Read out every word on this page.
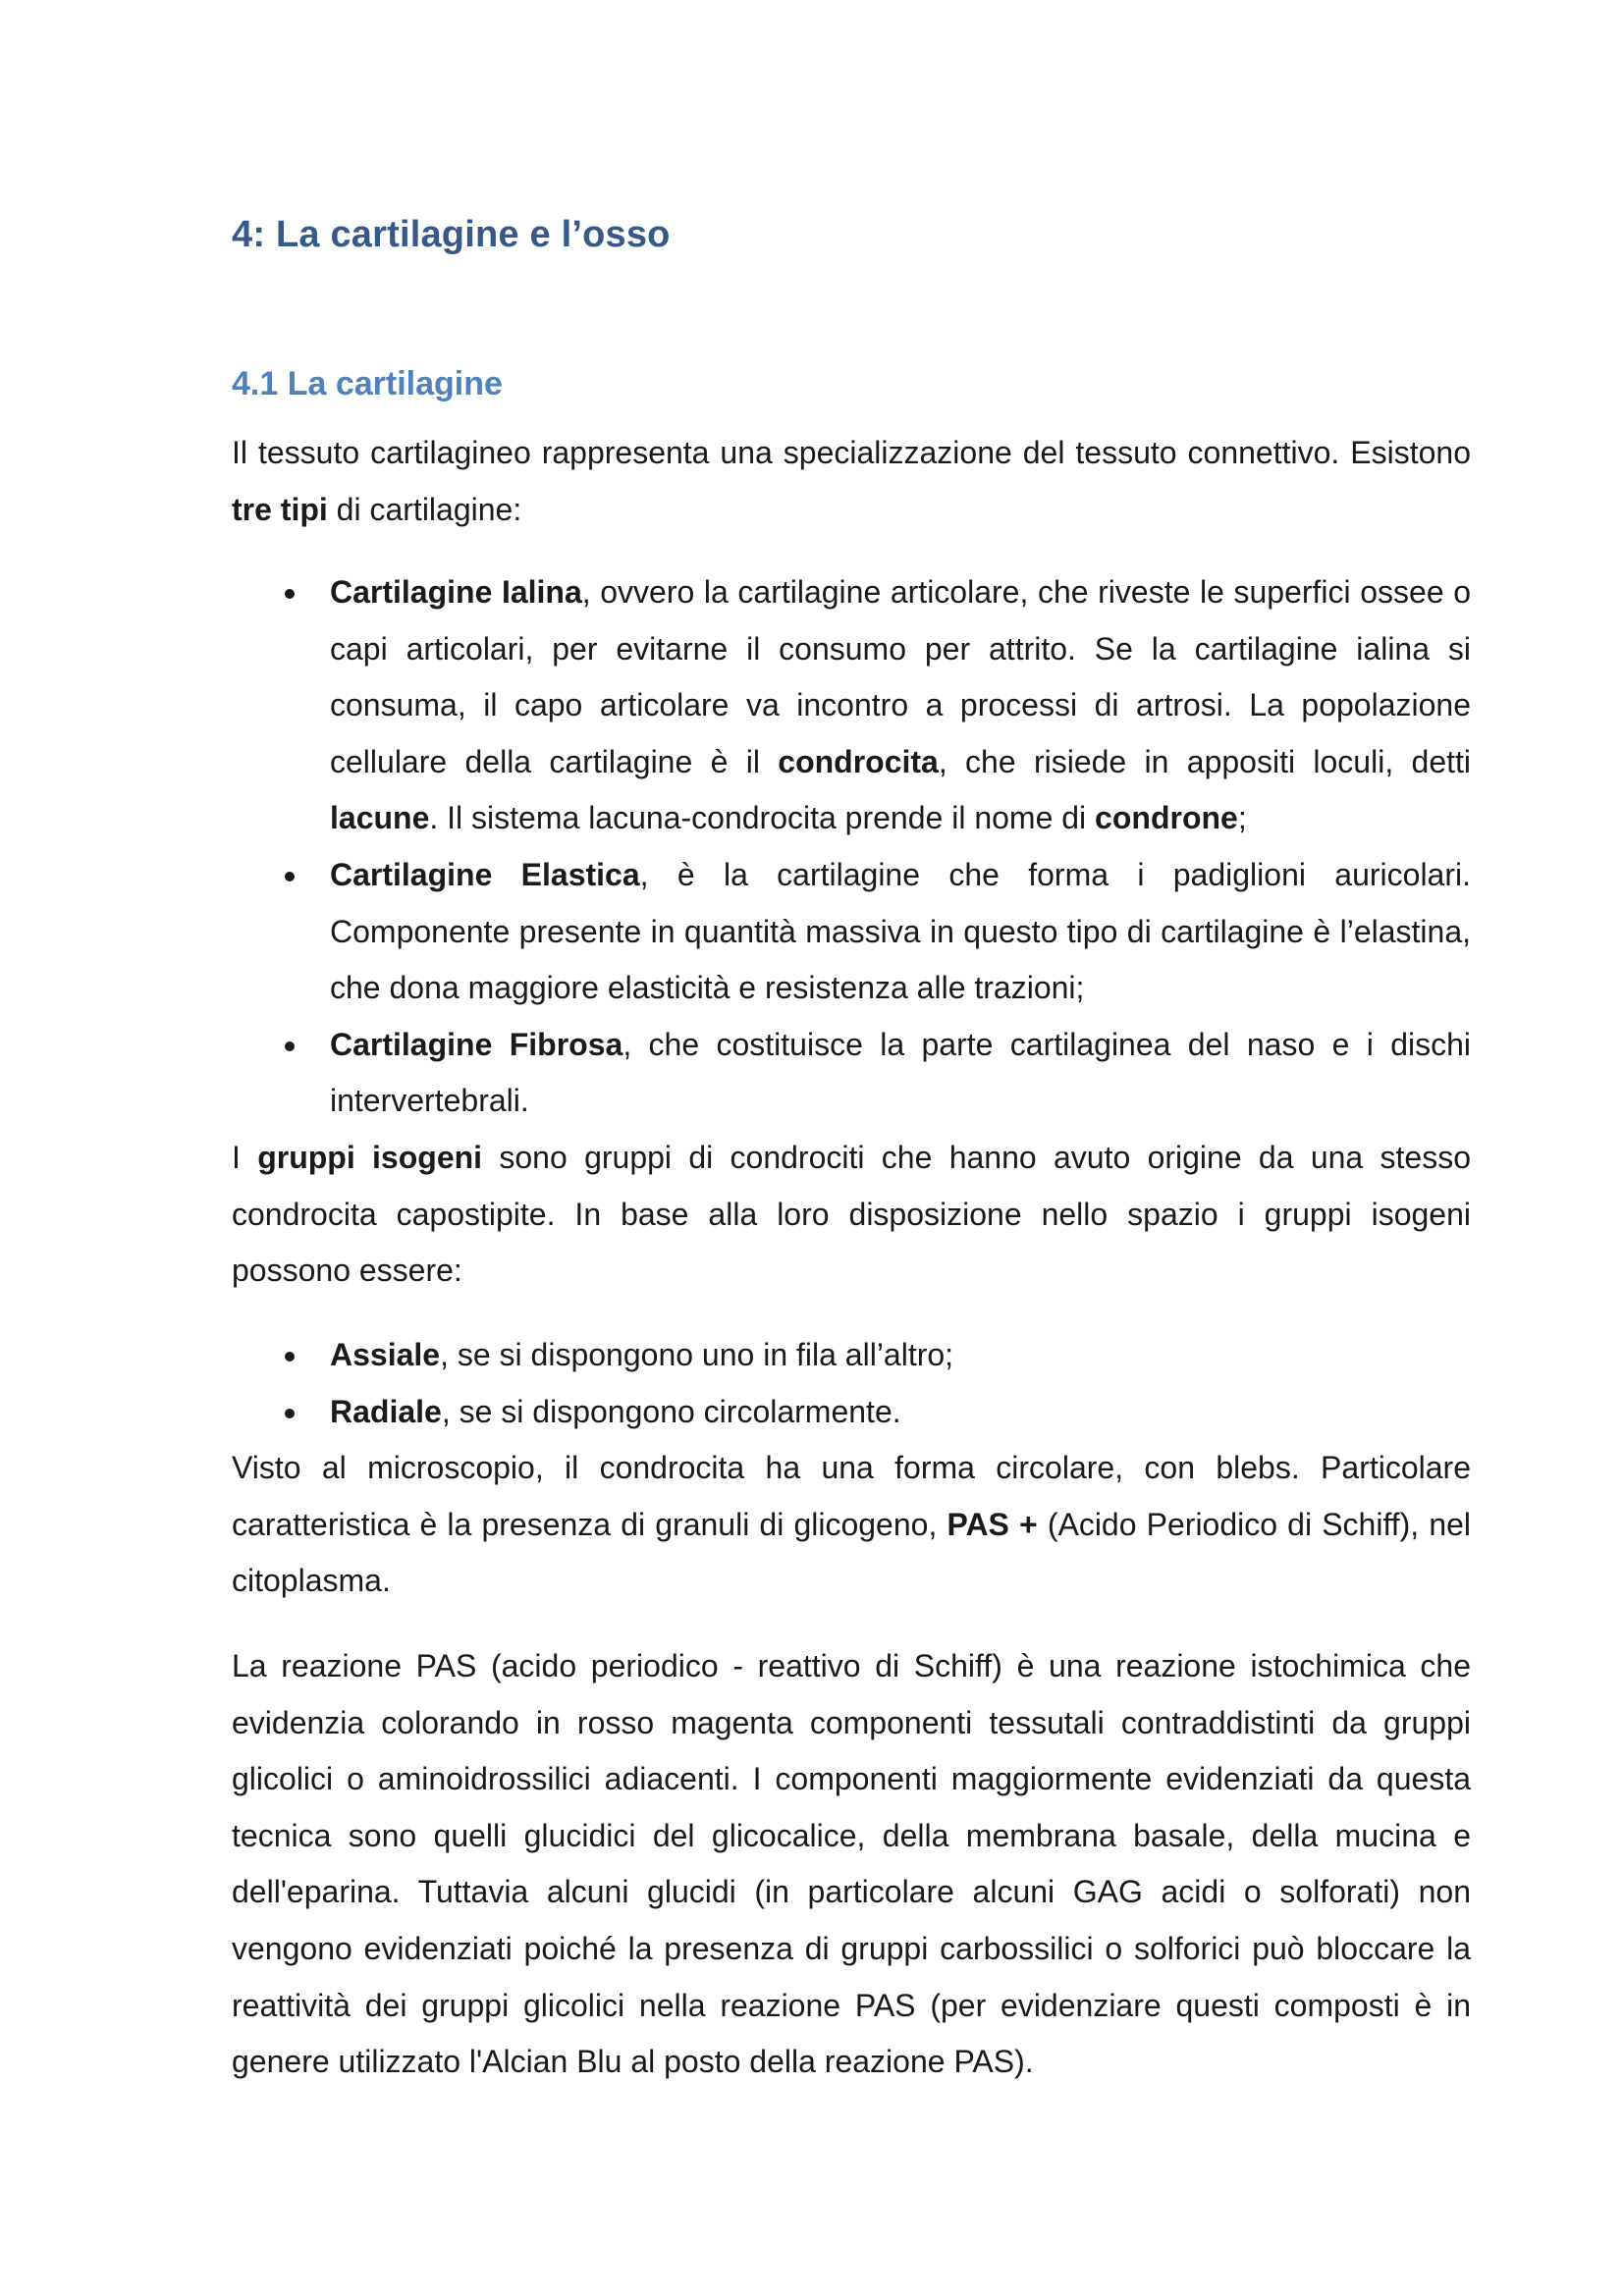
4: La cartilagine e l’osso
4.1 La cartilagine

Il tessuto cartilagineo rappresenta una specializzazione del tessuto connettivo. Esistono tre tipi di cartilagine:

Cartilagine Ialina, ovvero la cartilagine articolare, che riveste le superfici ossee o capi articolari, per evitarne il consumo per attrito. Se la cartilagine ialina si consuma, il capo articolare va incontro a processi di artrosi. La popolazione cellulare della cartilagine è il condrocita, che risiede in appositi loculi, detti lacune. Il sistema lacuna-condrocita prende il nome di condrone;
Cartilagine Elastica, è la cartilagine che forma i padiglioni auricolari. Componente presente in quantità massiva in questo tipo di cartilagine è l’elastina, che dona maggiore elasticità e resistenza alle trazioni;
Cartilagine Fibrosa, che costituisce la parte cartilaginea del naso e i dischi intervertebrali.

I gruppi isogeni sono gruppi di condrociti che hanno avuto origine da una stesso condrocita capostipite. In base alla loro disposizione nello spazio i gruppi isogeni possono essere:

Assiale, se si dispongono uno in fila all’altro;
Radiale, se si dispongono circolarmente.

Visto al microscopio, il condrocita ha una forma circolare, con blebs. Particolare caratteristica è la presenza di granuli di glicogeno, PAS + (Acido Periodico di Schiff), nel citoplasma.

La reazione PAS (acido periodico - reattivo di Schiff) è una reazione istochimica che evidenzia colorando in rosso magenta componenti tessutali contraddistinti da gruppi glicolici o aminoidrossilici adiacenti. I componenti maggiormente evidenziati da questa tecnica sono quelli glucidici del glicocalice, della membrana basale, della mucina e dell'eparina. Tuttavia alcuni glucidi (in particolare alcuni GAG acidi o solforati) non vengono evidenziati poiché la presenza di gruppi carbossilici o solforici può bloccare la reattività dei gruppi glicolici nella reazione PAS (per evidenziare questi composti è in genere utilizzato l'Alcian Blu al posto della reazione PAS).
